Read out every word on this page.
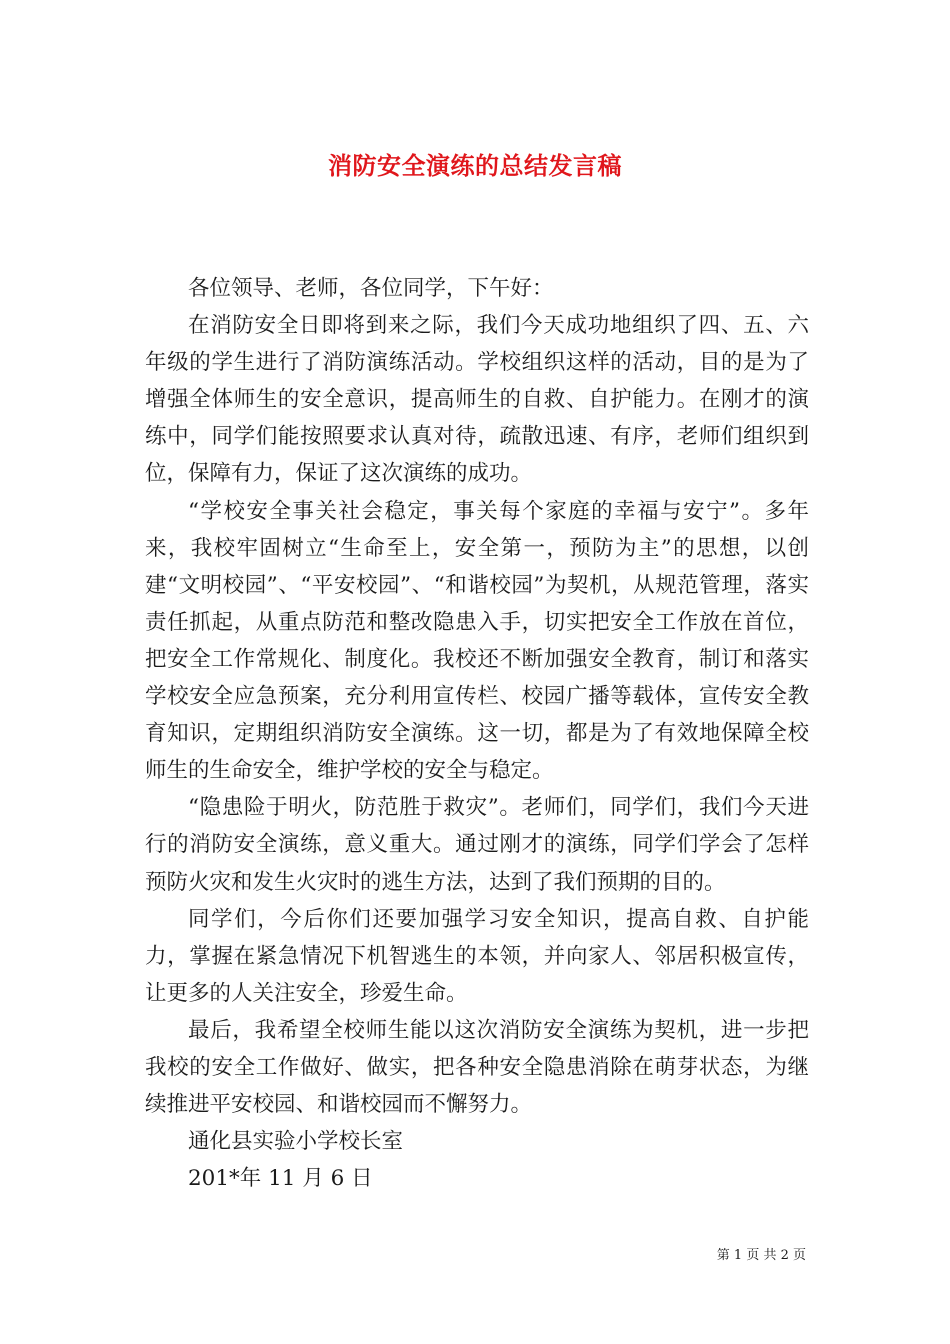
消防安全演练的总结发言稿

各位领导、老师，各位同学，下午好：

在消防安全日即将到来之际，我们今天成功地组织了四、五、六年级的学生进行了消防演练活动。学校组织这样的活动，目的是为了增强全体师生的安全意识，提高师生的自救、自护能力。在刚才的演练中，同学们能按照要求认真对待，疏散迅速、有序，老师们组织到位，保障有力，保证了这次演练的成功。

“学校安全事关社会稳定，事关每个家庭的幸福与安宁”。多年来，我校牢固树立“生命至上，安全第一，预防为主”的思想，以创建“文明校园”、“平安校园”、“和谐校园”为契机，从规范管理，落实责任抓起，从重点防范和整改隐患入手，切实把安全工作放在首位，把安全工作常规化、制度化。我校还不断加强安全教育，制订和落实学校安全应急预案，充分利用宣传栏、校园广播等载体，宣传安全教育知识，定期组织消防安全演练。这一切，都是为了有效地保障全校师生的生命安全，维护学校的安全与稳定。

“隐患险于明火，防范胜于救灾”。老师们，同学们，我们今天进行的消防安全演练，意义重大。通过刚才的演练，同学们学会了怎样预防火灾和发生火灾时的逃生方法，达到了我们预期的目的。

同学们，今后你们还要加强学习安全知识，提高自救、自护能力，掌握在紧急情况下机智逃生的本领，并向家人、邻居积极宣传，让更多的人关注安全，珍爱生命。

最后，我希望全校师生能以这次消防安全演练为契机，进一步把我校的安全工作做好、做实，把各种安全隐患消除在萌芽状态，为继续推进平安校园、和谐校园而不懈努力。

通化县实验小学校长室

201*年 11 月 6 日

第 1 页 共 2 页
